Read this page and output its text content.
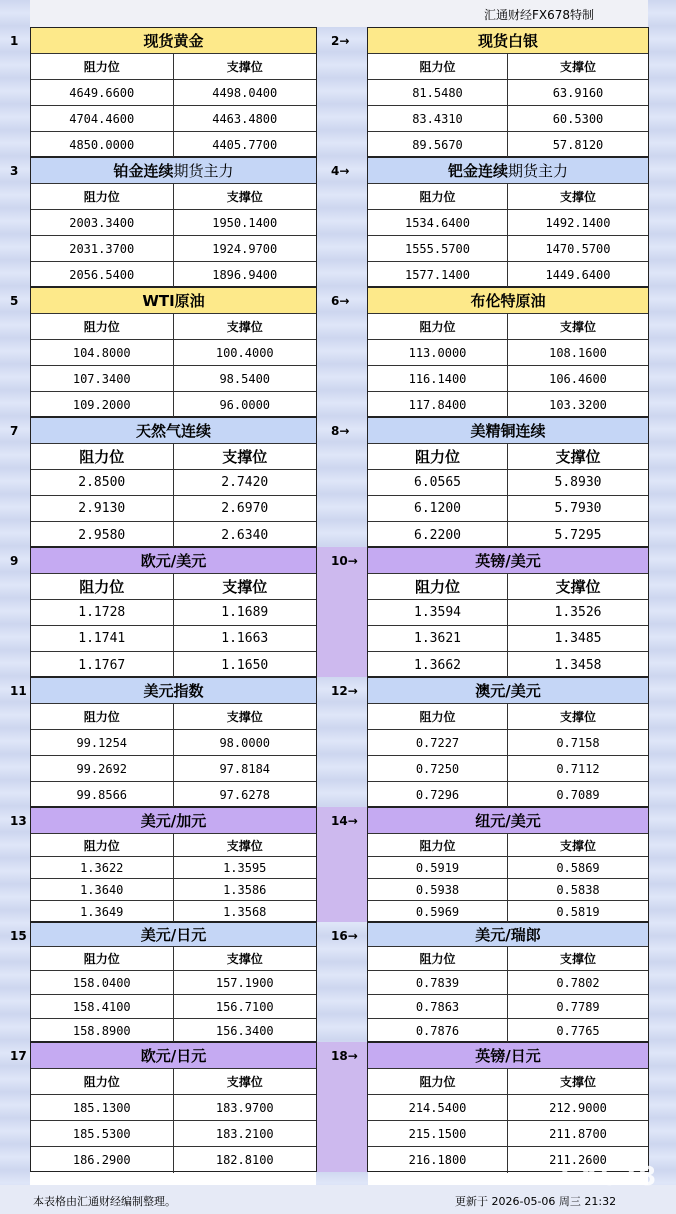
汇通财经FX678特制
现货黄金
阻力位	支撑位
4649.6600	4498.0400
4704.4600	4463.4800
4850.0000	4405.7700
现货白银
阻力位	支撑位
81.5480	63.9160
83.4310	60.5300
89.5670	57.8120
铂金连续 期货主力
阻力位	支撑位
2003.3400	1950.1400
2031.3700	1924.9700
2056.5400	1896.9400
钯金连续 期货主力
阻力位	支撑位
1534.6400	1492.1400
1555.5700	1470.5700
1577.1400	1449.6400
WTI原油
阻力位	支撑位
104.8000	100.4000
107.3400	98.5400
109.2000	96.0000
布伦特原油
阻力位	支撑位
113.0000	108.1600
116.1400	106.4600
117.8400	103.3200
天然气连续
阻力位	支撑位
2.8500	2.7420
2.9130	2.6970
2.9580	2.6340
美精铜连续
阻力位	支撑位
6.0565	5.8930
6.1200	5.7930
6.2200	5.7295
欧元/美元
阻力位	支撑位
1.1728	1.1689
1.1741	1.1663
1.1767	1.1650
英镑/美元
阻力位	支撑位
1.3594	1.3526
1.3621	1.3485
1.3662	1.3458
美元指数
阻力位	支撑位
99.1254	98.0000
99.2692	97.8184
99.8566	97.6278
澳元/美元
阻力位	支撑位
0.7227	0.7158
0.7250	0.7112
0.7296	0.7089
美元/加元
阻力位	支撑位
1.3622	1.3595
1.3640	1.3586
1.3649	1.3568
纽元/美元
阻力位	支撑位
0.5919	0.5869
0.5938	0.5838
0.5969	0.5819
美元/日元
阻力位	支撑位
158.0400	157.1900
158.4100	156.7100
158.8900	156.3400
美元/瑞郎
阻力位	支撑位
0.7839	0.7802
0.7863	0.7789
0.7876	0.7765
欧元/日元
阻力位	支撑位
185.1300	183.9700
185.5300	183.2100
186.2900	182.8100
英镑/日元
阻力位	支撑位
214.5400	212.9000
215.1500	211.8700
216.1800	211.2600
本表格由汇通财经编制整理。	更新于 2026-05-06 周三 21:32
FX678
1	2→
3	4→
5	6→
7	8→
9	10→
11	12→
13	14→
15	16→
17	18→
